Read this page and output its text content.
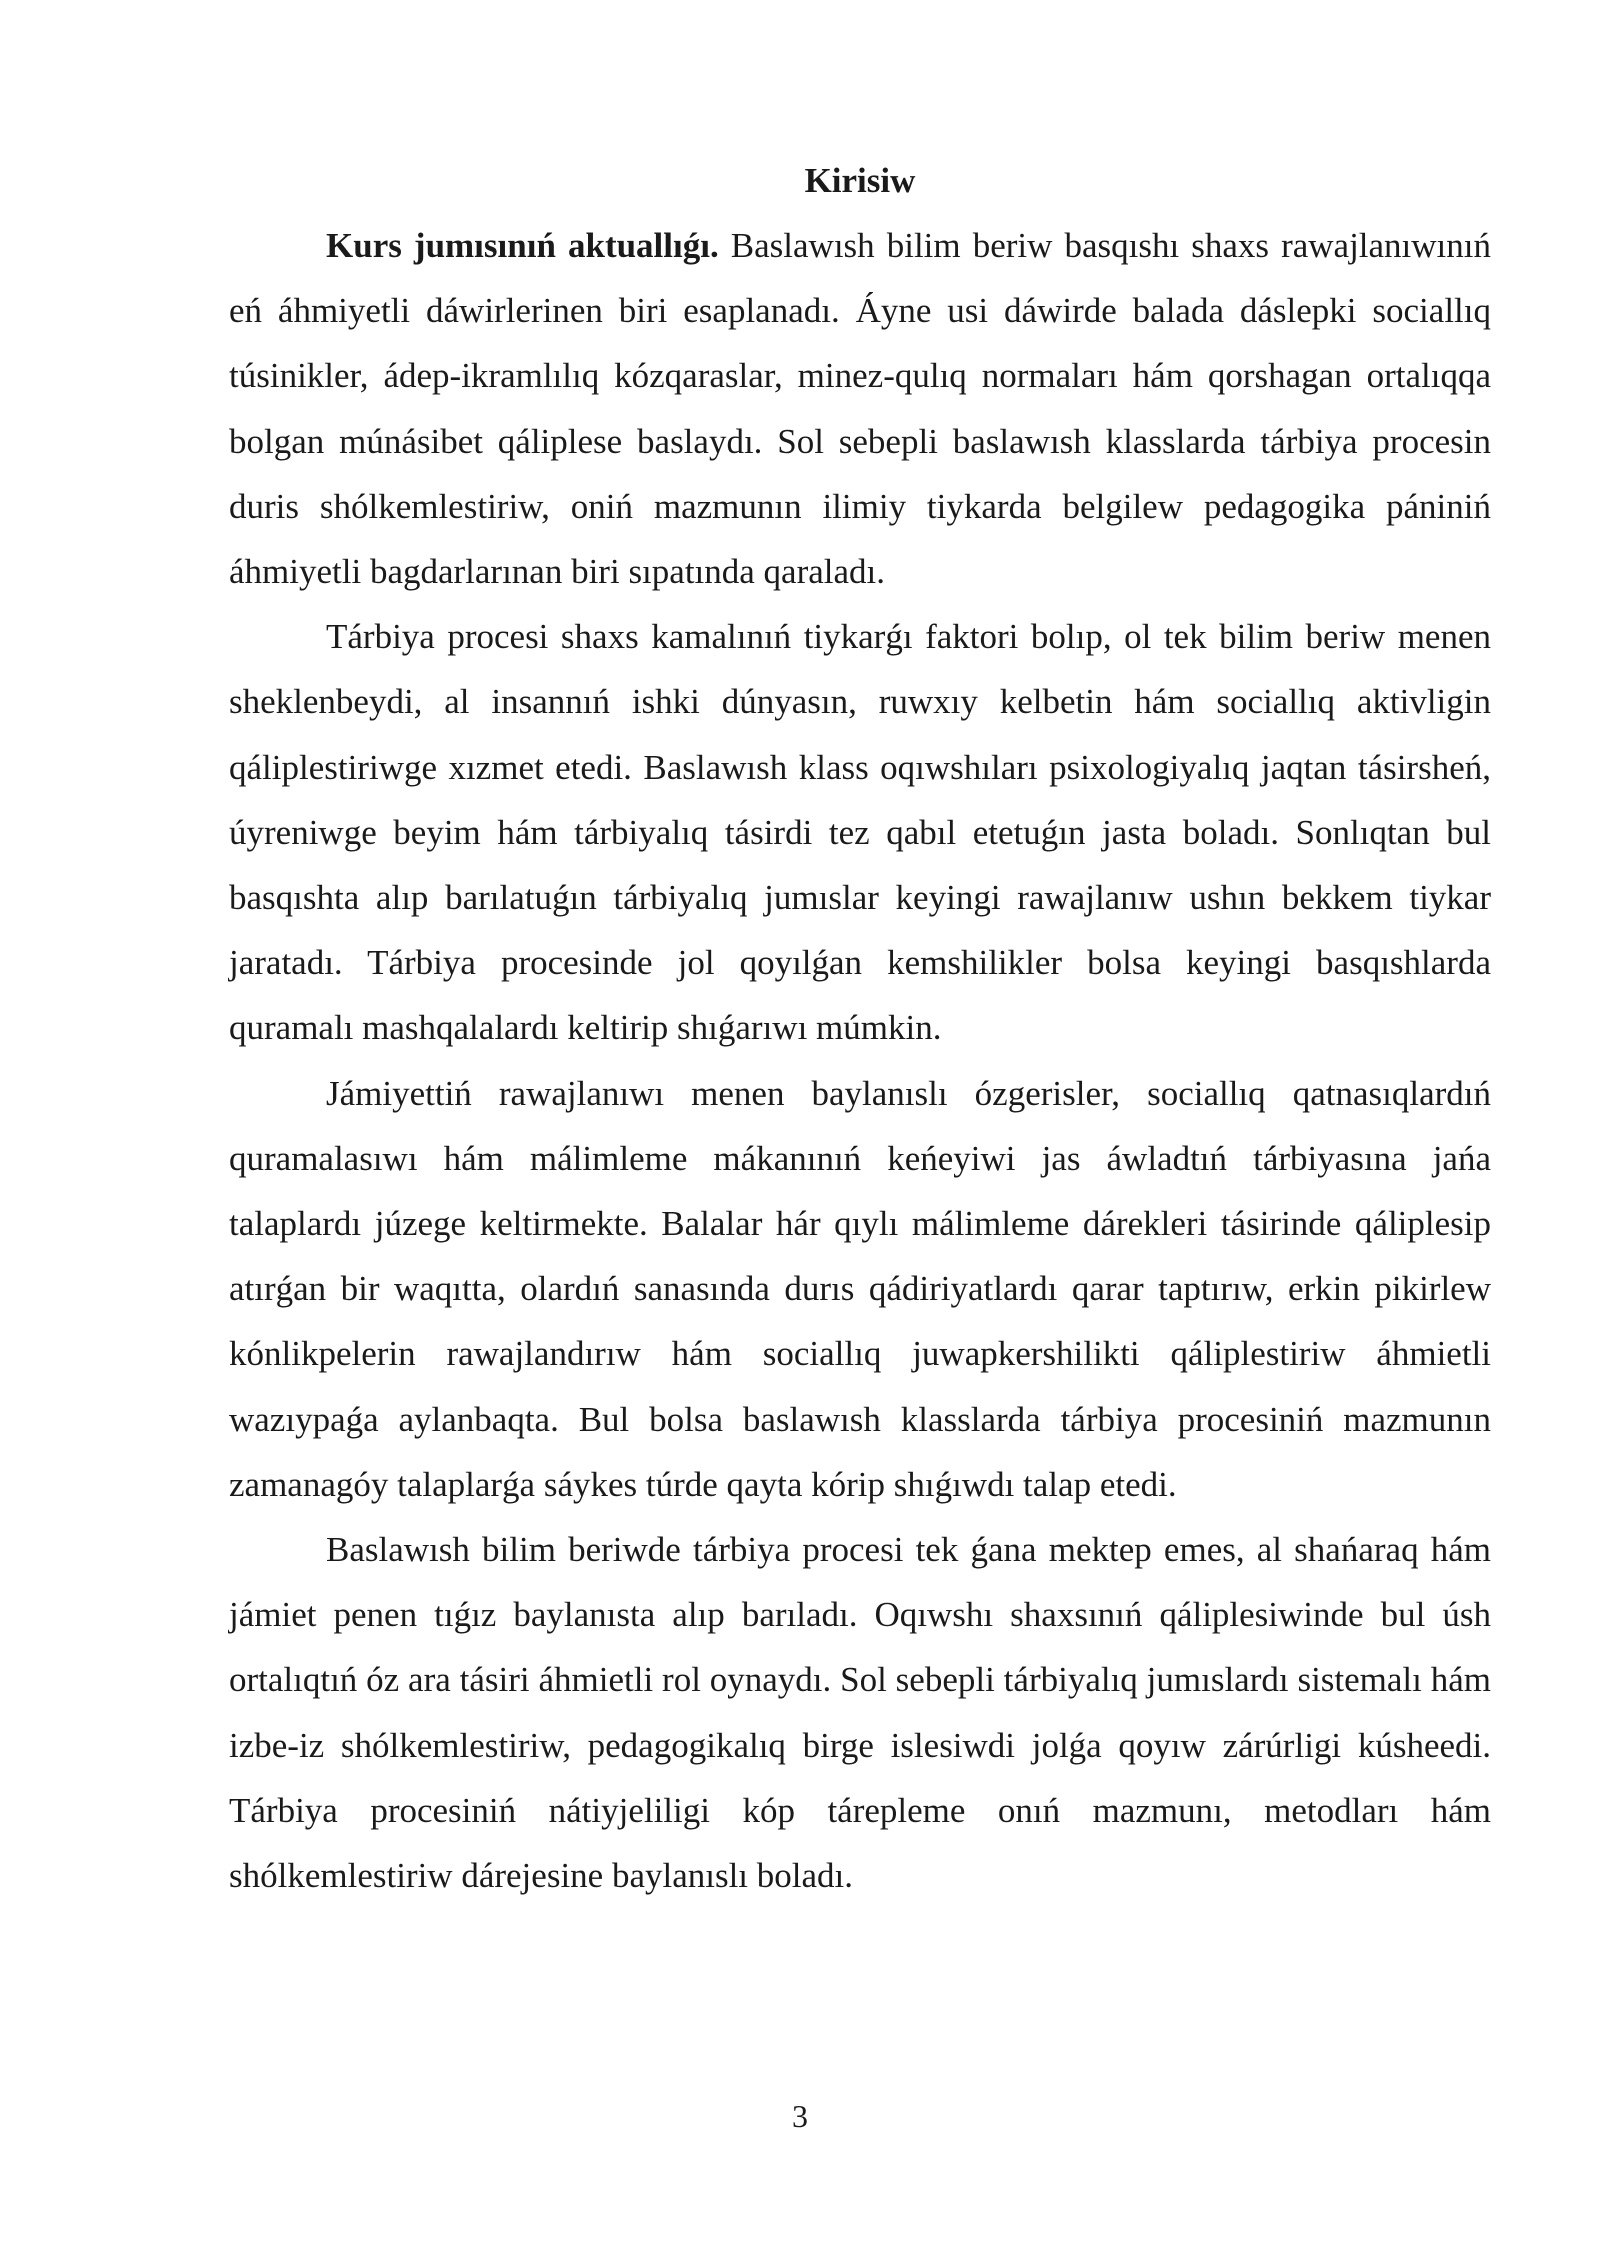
Kirisiw

Kurs jumısınıń aktuallıǵı. Baslawısh bilim beriw basqıshı shaxs rawajlanıwınıń eń áhmiyetli dáwirlerinen biri esaplanadı. Áyne usi dáwirde balada dáslepki sociallıq túsinikler, ádep-ikramlılıq kózqaraslar, minez-qulıq normaları hám qorshagan ortalıqqa bolgan múnásibet qáliplese baslaydı. Sol sebepli baslawısh klasslarda tárbiya procesin duris shólkemlestiriw, oniń mazmunın ilimiy tiykarda belgilew pedagogika pániniń áhmiyetli bagdarlarınan biri sıpatında qaraladı.

Tárbiya procesi shaxs kamalınıń tiykarǵı faktori bolıp, ol tek bilim beriw menen sheklenbeydi, al insannıń ishki dúnyasın, ruwxıy kelbetin hám sociallıq aktivligin qáliplestiriwge xızmet etedi. Baslawısh klass oqıwshıları psixologiyalıq jaqtan tásirsheń, úyreniwge beyim hám tárbiyalıq tásirdi tez qabıl etetuǵın jasta boladı. Sonlıqtan bul basqıshta alıp barılatuǵın tárbiyalıq jumıslar keyingi rawajlanıw ushın bekkem tiykar jaratadı. Tárbiya procesinde jol qoyılǵan kemshilikler bolsa keyingi basqıshlarda quramalı mashqalalardı keltirip shıǵarıwı múmkin.

Jámiyettiń rawajlanıwı menen baylanıslı ózgerisler, sociallıq qatnasıqlardıń quramalasıwı hám málimleme mákanınıń keńeyiwi jas áwladtıń tárbiyasına jańa talaplardı júzege keltirmekte. Balalar hár qıylı málimleme dárekleri tásirinde qáliplesip atırǵan bir waqıtta, olardıń sanasında durıs qádiriyatlardı qarar taptırıw, erkin pikirlew kónlikpelerin rawajlandırıw hám sociallıq juwapkershilikti qáliplestiriw áhmietli wazıypaǵa aylanbaqta. Bul bolsa baslawısh klasslarda tárbiya procesiniń mazmunın zamanagóy talaplarǵa sáykes túrde qayta kórip shıǵıwdı talap etedi.

Baslawısh bilim beriwde tárbiya procesi tek ǵana mektep emes, al shańaraq hám jámiet penen tıǵız baylanısta alıp barıladı. Oqıwshı shaxsınıń qáliplesiwinde bul úsh ortalıqtıń óz ara tásiri áhmietli rol oynaydı. Sol sebepli tárbiyalıq jumıslardı sistemalı hám izbe-iz shólkemlestiriw, pedagogikalıq birge islesiwdi jolǵa qoyıw zárúrligi kúsheedi. Tárbiya procesiniń nátiyjeliligi kóp tárepleme onıń mazmunı, metodları hám shólkemlestiriw dárejesine baylanıslı boladı.

3
